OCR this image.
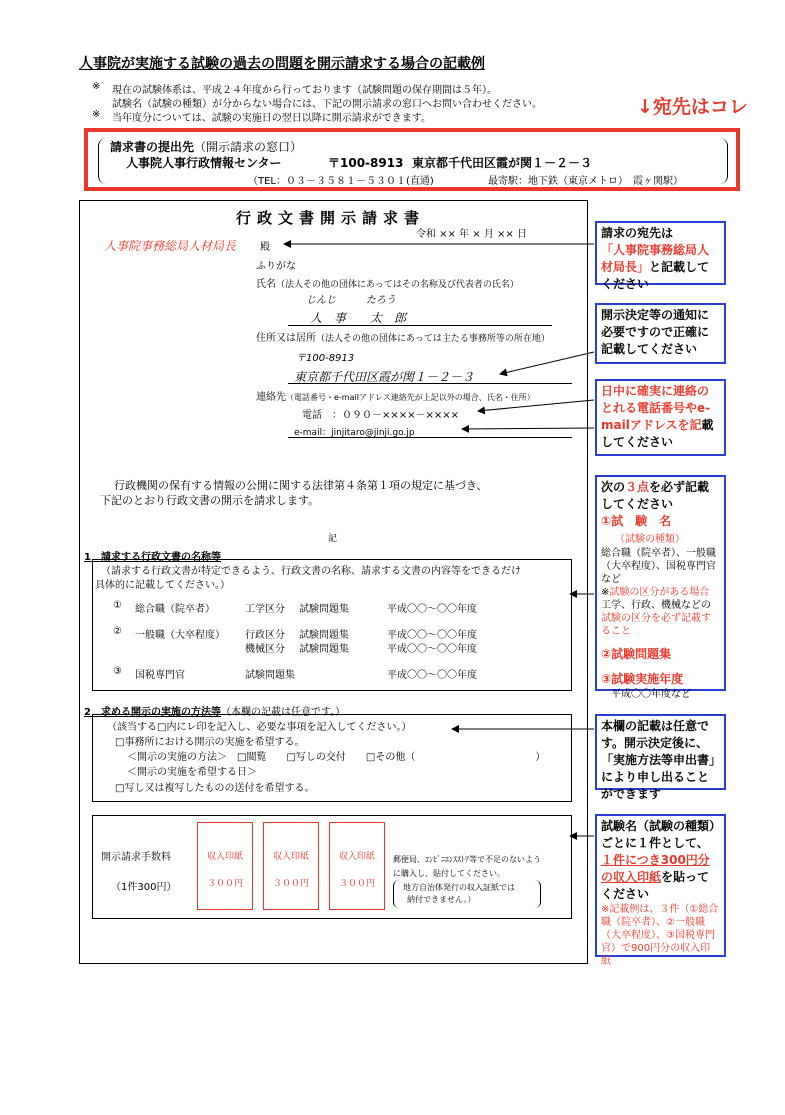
人事院が実施する試験の過去の問題を開示請求する場合の記載例
※ 現在の試験体系は、平成２４年度から行っております（試験問題の保存期間は５年）。
試験名（試験の種類）が分からない場合には、下記の開示請求の窓口へお問い合わせください。
※ 当年度分については、試験の実施日の翌日以降に開示請求ができます。
↓宛先はコレ
請求書の提出先（開示請求の窓口）
人事院人事行政情報センター	〒100-8913 東京都千代田区霞が関１－２－３
（TEL：０３－３５８１－５３０１(直通)	最寄駅：地下鉄（東京メトロ）　霞ヶ関駅）
行政文書開示請求書
令和 ×× 年 × 月 ×× 日
人事院事務総局人材局長　　 殿
ふりがな
氏名（法人その他の団体にあってはその名称及び代表者の氏名）
じんじ　　　たろう
人　事　　太　郎
住所又は居所（法人その他の団体にあっては主たる事務所等の所在地）
〒100-8913
東京都千代田区霞が関１－２－３
連絡先（電話番号・e-mailアドレス連絡先が上記以外の場合、氏名・住所）
電話　：０９０－××××－××××
e-mail：jinjitaro@jinji.go.jp
行政機関の保有する情報の公開に関する法律第４条第１項の規定に基づき、
下記のとおり行政文書の開示を請求します。
記
1　請求する行政文書の名称等
（請求する行政文書が特定できるよう、行政文書の名称、請求する文書の内容等をできるだけ
具体的に記載してください。）
① 総合職（院卒者）	工学区分 試験問題集	平成〇〇～〇〇年度
② 一般職（大卒程度） 行政区分 試験問題集	平成〇〇～〇〇年度
機械区分 試験問題集	平成〇〇～〇〇年度
③ 国税専門官	試験問題集	平成〇〇～〇〇年度
2　求める開示の実施の方法等（本欄の記載は任意です。）
（該当する□内にレ印を記入し、必要な事項を記入してください。）
□事務所における開示の実施を希望する。
＜開示の実施の方法＞　□閲覧　　□写しの交付　　□その他（　　　　　　　　　　　　）
＜開示の実施を希望する日＞
□写し又は複写したものの送付を希望する。
開示請求手数料
（1件300円）
収入印紙
３００円
収入印紙
３００円
収入印紙
３００円
郵便局、ｺﾝﾋﾞﾆｴﾝｽｽﾄｱ等で不足のないよう
に購入し、貼付してください。
地方自治体発行の収入証紙では
納付できません。）
請求の宛先は
「人事院事務総局人材局長」と記載してください
開示決定等の通知に必要ですので正確に記載してください
日中に確実に連絡のとれる電話番号やe-mailアドレスを記載してください
次の３点を必ず記載してください
①試　験　名
（試験の種類）

総合職（院卒者）、一般職（大卒程度）、国税専門官など
※試験の区分がある場合
工学、行政、機械などの
試験の区分を必ず記載すること
②試験問題集
③試験実施年度
平成〇〇年度など
本欄の記載は任意です。開示決定後に、「実施方法等申出書」により申し出ることができます
試験名（試験の種類）ごとに１件として、１件につき300円分の収入印紙を貼ってください
※記載例は、３件（①総合職（院卒者）、②一般職（大卒程度）、③国税専門官）で900円分の収入印紙
